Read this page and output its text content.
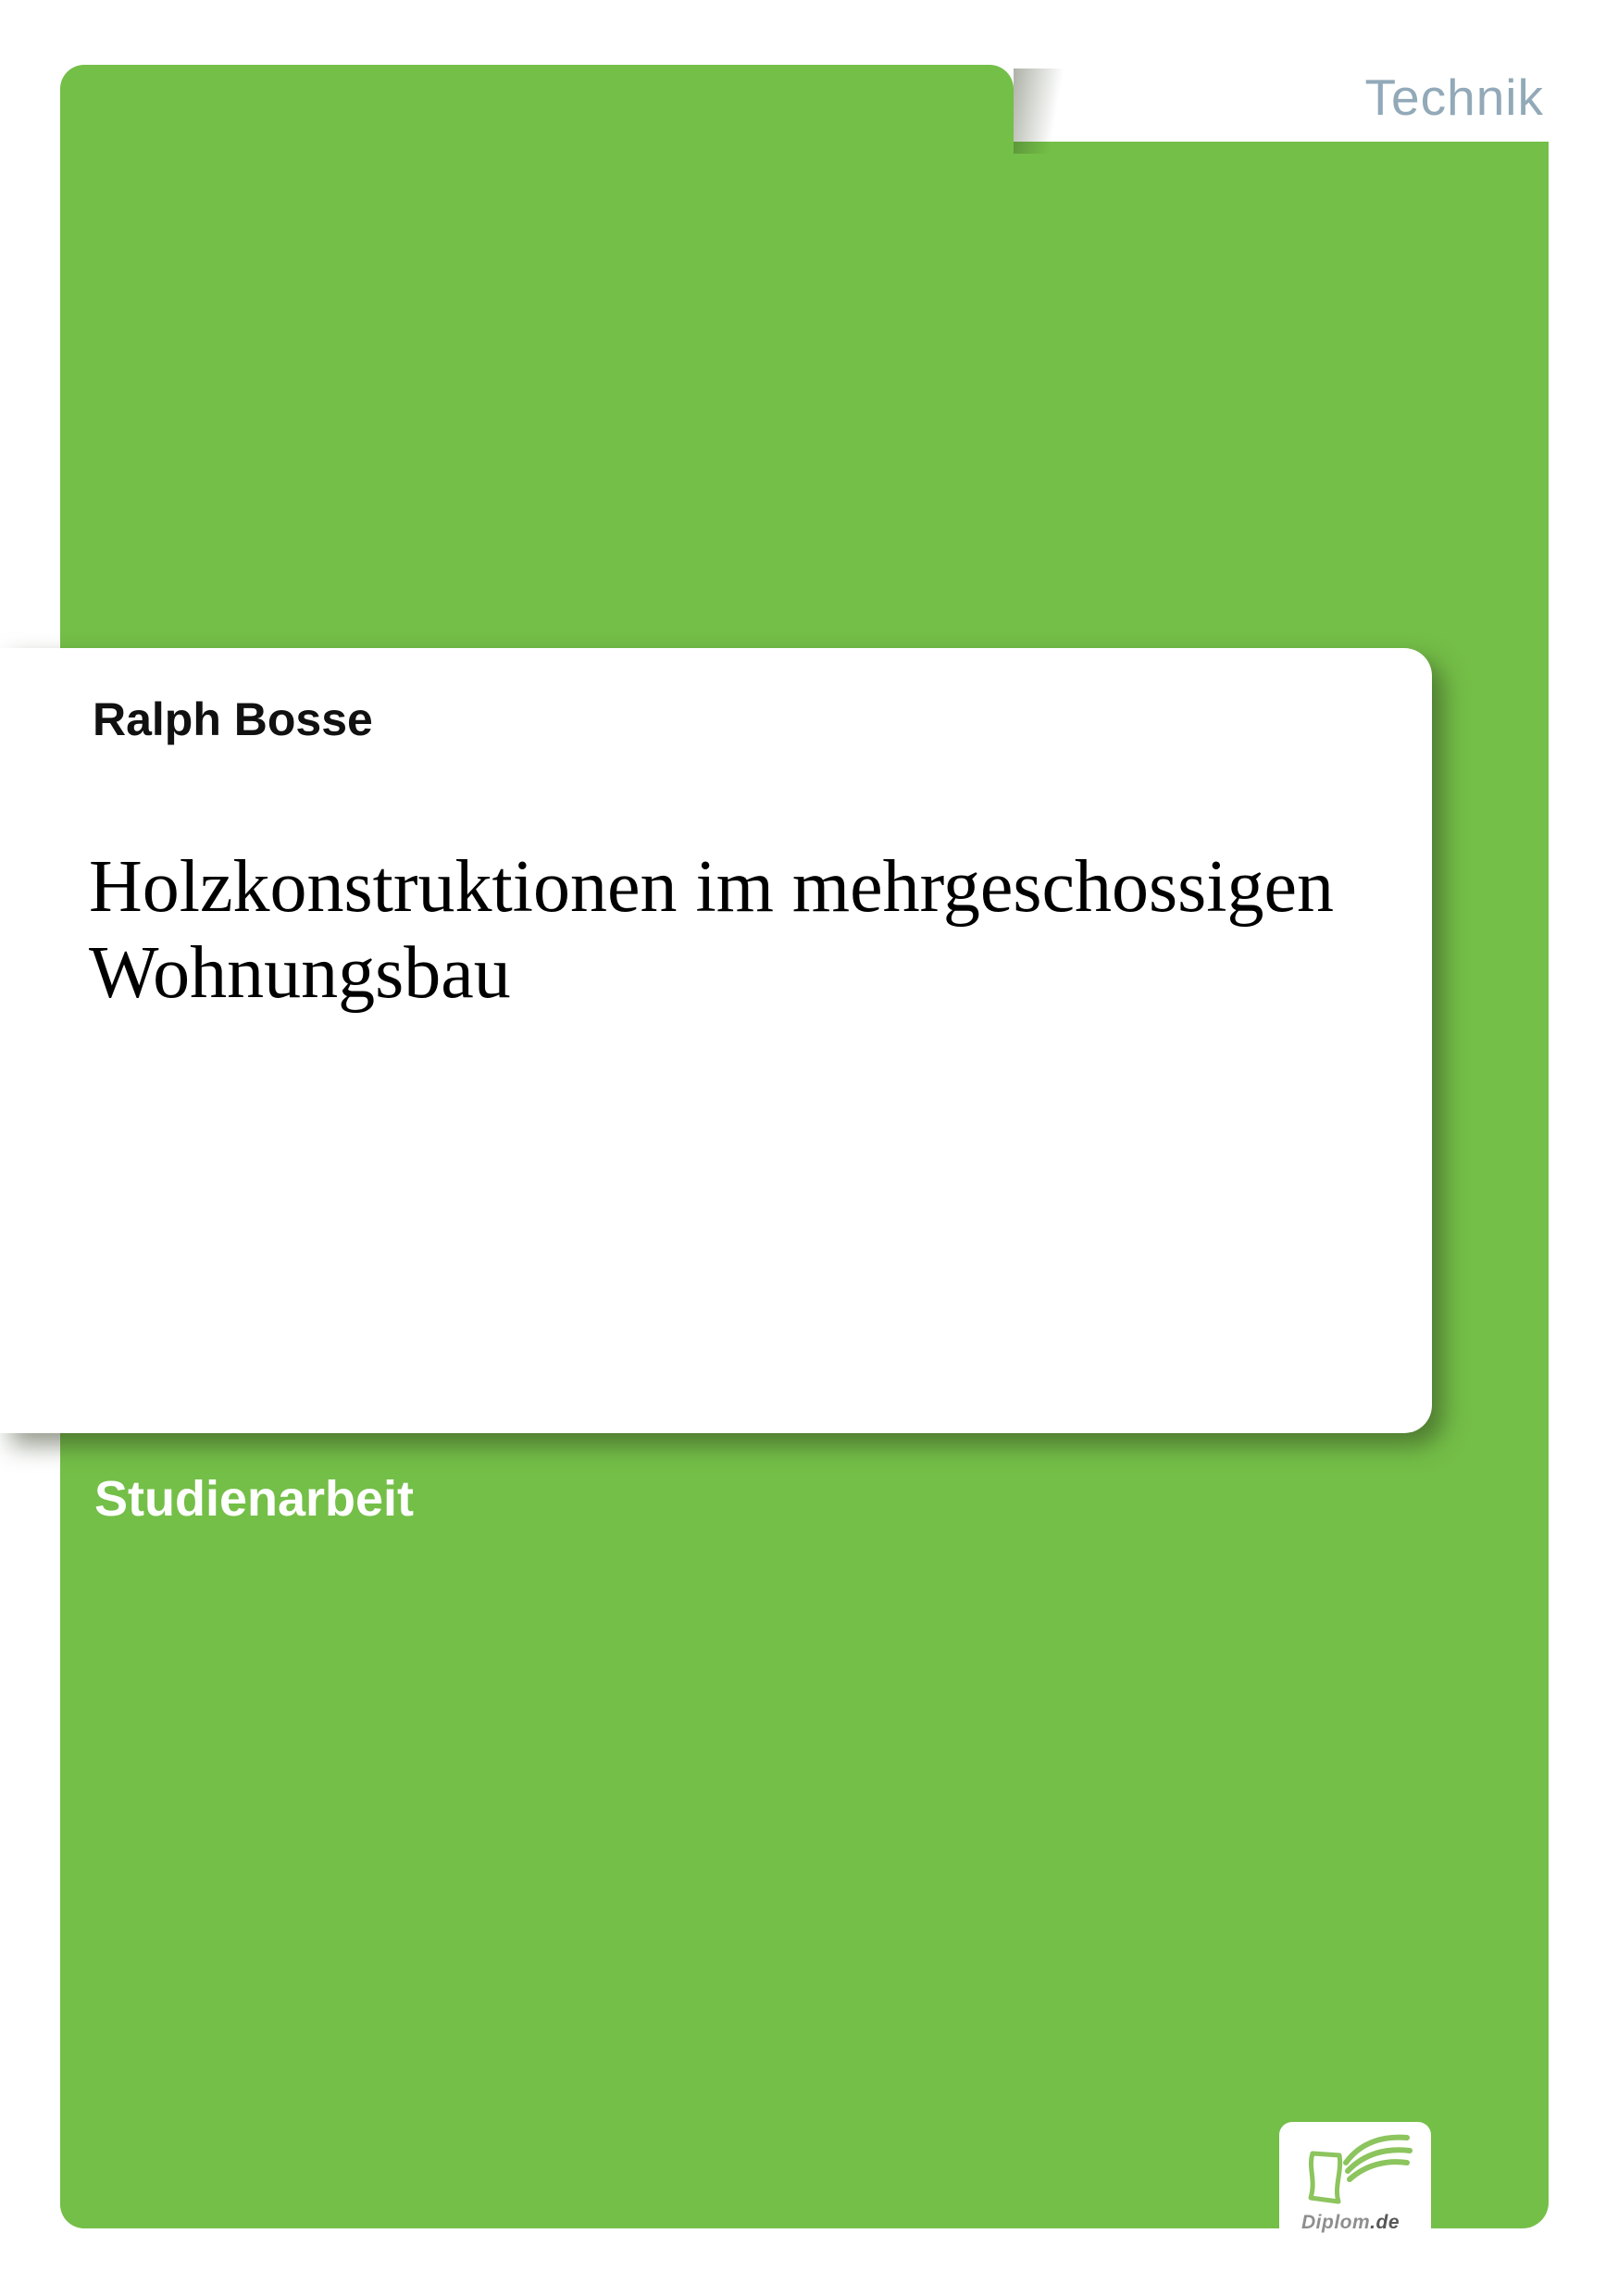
Technik
Ralph Bosse
Holzkonstruktionen im mehrgeschossigen
Wohnungsbau
Studienarbeit
Diplom.de
